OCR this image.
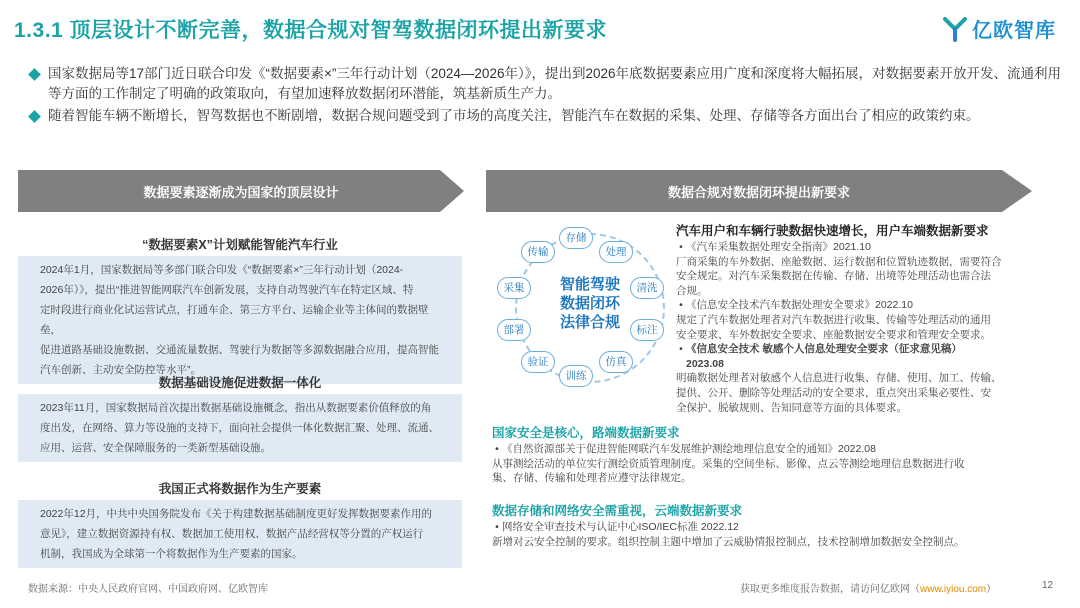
1.3.1 顶层设计不断完善，数据合规对智驾数据闭环提出新要求	亿欧智库
国家数据局等17部门近日联合印发《“数据要素×”三年行动计划（2024—2026年）》，提出到2026年底数据要素应用广度和深度将大幅拓展，对数据要素开放开发、流通利用等方面的工作制定了明确的政策取向，有望加速释放数据闭环潜能，筑基新质生产力。
随着智能车辆不断增长，智驾数据也不断剧增，数据合规问题受到了市场的高度关注，智能汽车在数据的采集、处理、存储等各方面出台了相应的政策约束。
数据要素逐渐成为国家的顶层设计	数据合规对数据闭环提出新要求
“数据要素X”计划赋能智能汽车行业
2024年1月，国家数据局等多部门联合印发《“数据要素×”三年行动计划（2024-
2026年）》，提出“推进智能网联汽车创新发展，支持自动驾驶汽车在特定区域、特
定时段进行商业化试运营试点，打通车企、第三方平台、运输企业等主体间的数据壁垒，
促进道路基础设施数据、交通流量数据、驾驶行为数据等多源数据融合应用，提高智能
汽车创新、主动安全防控等水平”。
数据基础设施促进数据一体化
2023年11月，国家数据局首次提出数据基础设施概念，指出从数据要素价值释放的角
度出发，在网络、算力等设施的支持下，面向社会提供一体化数据汇聚、处理、流通、
应用、运营、安全保障服务的一类新型基础设施。
我国正式将数据作为生产要素
2022年12月，中共中央国务院发布《关于构建数据基础制度更好发挥数据要素作用的
意见》，建立数据资源持有权、数据加工使用权、数据产品经营权等分置的产权运行
机制，我国成为全球第一个将数据作为生产要素的国家。
智能驾驶
数据闭环
法律合规
存储
处理
清洗
标注
仿真
训练
验证
部署
采集
传输
汽车用户和车辆行驶数据快速增长，用户车端数据新要求
• 《汽车采集数据处理安全指南》2021.10
厂商采集的车外数据、座舱数据、运行数据和位置轨迹数据，需要符合
安全规定。对汽车采集数据在传输、存储、出境等处理活动也需合法
合规。
• 《信息安全技术汽车数据处理安全要求》2022.10
规定了汽车数据处理者对汽车数据进行收集、传输等处理活动的通用
安全要求、车外数据安全要求、座舱数据安全要求和管理安全要求。
• 《信息安全技术 敏感个人信息处理安全要求（征求意见稿）
2023.08
明确数据处理者对敏感个人信息进行收集、存储、使用、加工、传输、
提供、公开、删除等处理活动的安全要求，重点突出采集必要性、安
全保护、脱敏规则、告知同意等方面的具体要求。
国家安全是核心，路端数据新要求
• 《自然资源部关于促进智能网联汽车发展维护测绘地理信息安全的通知》2022.08
从事测绘活动的单位实行测绘资质管理制度。采集的空间坐标、影像、点云等测绘地理信息数据进行收
集、存储、传输和处理者应遵守法律规定。
数据存储和网络安全需重视，云端数据新要求
• 网络安全审查技术与认证中心ISO/IEC标准 2022.12
新增对云安全控制的要求。组织控制主题中增加了云威胁情报控制点，技术控制增加数据安全控制点。
数据来源：中央人民政府官网、中国政府网、亿欧智库	获取更多维度报告数据，请访问亿欧网（www.iyiou.com）	12
